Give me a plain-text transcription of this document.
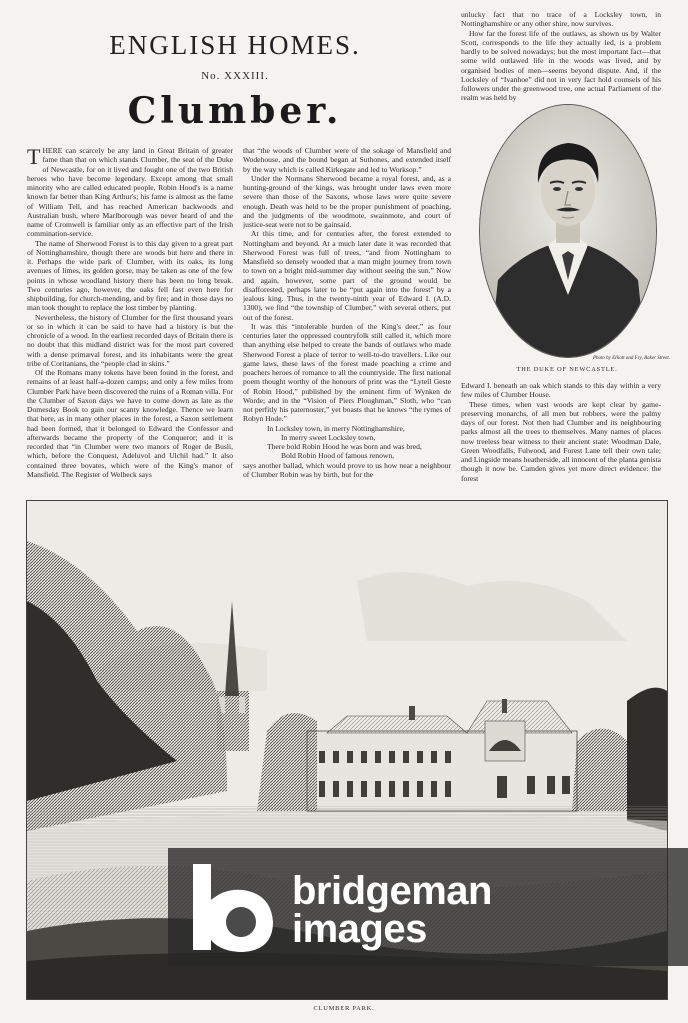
ENGLISH HOMES.
No. XXXIII.
Clumber.

THERE can scarcely be any land in Great Britain of greater fame than that on which stands Clumber, the seat of the Duke of Newcastle, for on it lived and fought one of the two British heroes who have become legendary. Except among that small minority who are called educated people, Robin Hood's is a name known far better than King Arthur's; his fame is almost as the fame of William Tell, and has reached American backwoods and Australian bush, where Marlborough was never heard of and the name of Cromwell is familiar only as an effective part of the Irish commination-service.

The name of Sherwood Forest is to this day given to a great part of Nottinghamshire, though there are woods but here and there in it. Perhaps the wide park of Clumber, with its oaks, its long avenues of limes, its golden gorse, may be taken as one of the few points in whose woodland history there has been no long break. Two centuries ago, however, the oaks fell fast even here for shipbuilding, for church-mending, and by fire; and in those days no man took thought to replace the lost timber by planting.

Nevertheless, the history of Clumber for the first thousand years or so in which it can be said to have had a history is but the chronicle of a wood. In the earliest recorded days of Britain there is no doubt that this midland district was for the most part covered with a dense primæval forest, and its inhabitants were the great tribe of Coritanians, the “people clad in skins.”

Of the Romans many tokens have been found in the forest, and remains of at least half-a-dozen camps; and only a few miles from Clumber Park have been discovered the ruins of a Roman villa. For the Clumber of Saxon days we have to come down as late as the Domesday Book to gain our scanty knowledge. Thence we learn that here, as in many other places in the forest, a Saxon settlement had been formed, that it belonged to Edward the Confessor and afterwards became the property of the Conqueror; and it is recorded that “in Clumber were two manors of Roger de Busli, which, before the Conquest, Adeluvol and Ulchil had.” It also contained three bovates, which were of the King's manor of Mansfield. The Register of Welbeck says

that “the woods of Clumber were of the sokage of Mansfield and Wodehouse, and the bound began at Suthones, and extended itself by the way which is called Kirkegate and led to Worksop.”

Under the Normans Sherwood became a royal forest, and, as a hunting-ground of the kings, was brought under laws even more severe than those of the Saxons, whose laws were quite severe enough. Death was held to be the proper punishment of poaching, and the judgments of the woodmote, swainmote, and court of justice-seat were not to be gainsaid.

At this time, and for centuries after, the forest extended to Nottingham and beyond. At a much later date it was recorded that Sherwood Forest was full of trees, “and from Nottingham to Mansfield so densely wooded that a man might journey from town to town on a bright mid-summer day without seeing the sun.” Now and again, however, some part of the ground would be disafforested, perhaps later to be “put again into the forest” by a jealous king. Thus, in the twenty-ninth year of Edward I. (A.D. 1300), we find “the township of Clumber,” with several others, put out of the forest.

It was this “intolerable burden of the King's deer,” as four centuries later the oppressed countryfolk still called it, which more than anything else helped to create the bands of outlaws who made Sherwood Forest a place of terror to well-to-do travellers. Like our game laws, these laws of the forest made poaching a crime and poachers heroes of romance to all the countryside. The first national poem thought worthy of the honours of print was the “Lytell Geste of Robin Hood,” published by the eminent firm of Wynken de Worde; and in the “Vision of Piers Ploughman,” Sloth, who “can not perfitly his paternoster,” yet boasts that he knows “the rymes of Robyn Hode.”

In Locksley town, in merry Nottinghamshire,

In merry sweet Locksley town,

There bold Robin Hood he was born and was bred,

Bold Robin Hood of famous renown,

says another ballad, which would prove to us how near a neighbour of Clumber Robin was by birth, but for the

unlucky fact that no trace of a Locksley town, in Nottinghamshire or any other shire, now survives.

How far the forest life of the outlaws, as shown us by Walter Scott, corresponds to the life they actually led, is a problem hardly to be solved nowadays; but the most important fact—that some wild outlawed life in the woods was lived, and by organised bodies of men—seems beyond dispute. And, if the Locksley of “Ivanhoe” did not in very fact hold counsels of his followers under the greenwood tree, one actual Parliament of the realm was held by

Photo by Elliott and Fry, Baker Street.
THE DUKE OF NEWCASTLE.

Edward I. beneath an oak which stands to this day within a very few miles of Clumber House.

These times, when vast woods are kept clear by game-preserving monarchs, of all men but robbers, were the palmy days of our forest. Not then had Clumber and its neighbouring parks almost all the trees to themselves. Many names of places now treeless bear witness to their ancient state: Woodman Dale, Green Woodfalls, Fulwood, and Forest Lane tell their own tale; and Lingside means heatherside, all innocent of the planta genista though it now be. Camden gives yet more direct evidence: the forest

CLUMBER PARK.
bridgeman
images
